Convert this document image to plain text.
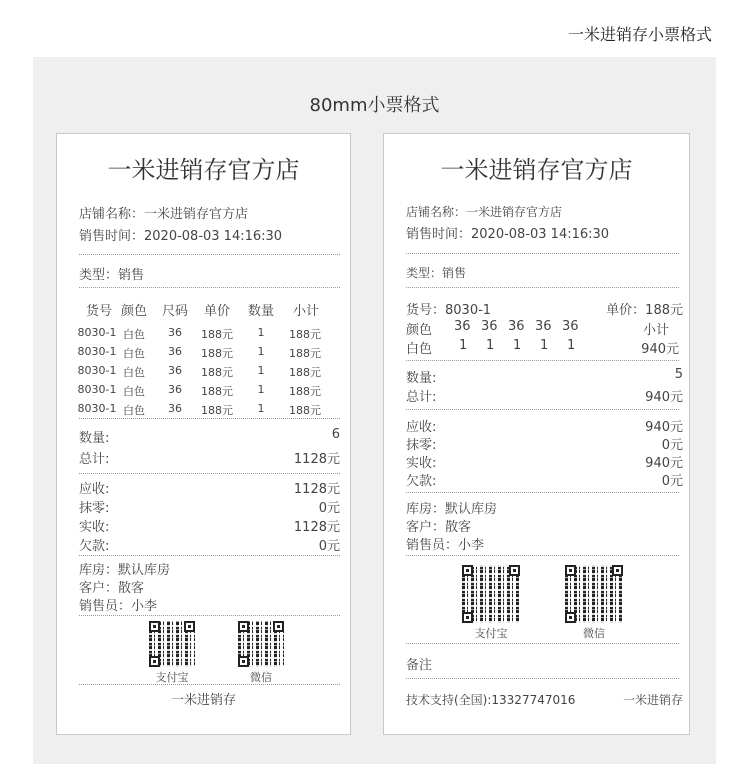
一米进销存小票格式
80mm小票格式
一米进销存官方店
店铺名称：一米进销存官方店
销售时间：2020-08-03 14:16:30
类型：销售
货号 颜色	尺码	单价	数量	小计
8030-1 白色	36	188元	1	188元
8030-1 白色	36	188元	1	188元
8030-1 白色	36	188元	1	188元
8030-1 白色	36	188元	1	188元
8030-1 白色	36	188元	1	188元
数量:	6
总计:	1128元
应收:	1128元
抹零:	0元
实收:	1128元
欠款:	0元
库房：默认库房
客户：散客
销售员：小李
支付宝	微信
一米进销存
一米进销存官方店
店铺名称：一米进销存官方店
销售时间：2020-08-03 14:16:30
类型：销售
货号：8030-1	单价：188元
颜色 36 36 36 36 36	小计
白色 1 1 1 1 1	940元
数量:	5
总计:	940元
应收:	940元
抹零:	0元
实收:	940元
欠款:	0元
库房：默认库房
客户：散客
销售员：小李
支付宝	微信
备注
技术支持(全国):13327747016	一米进销存
